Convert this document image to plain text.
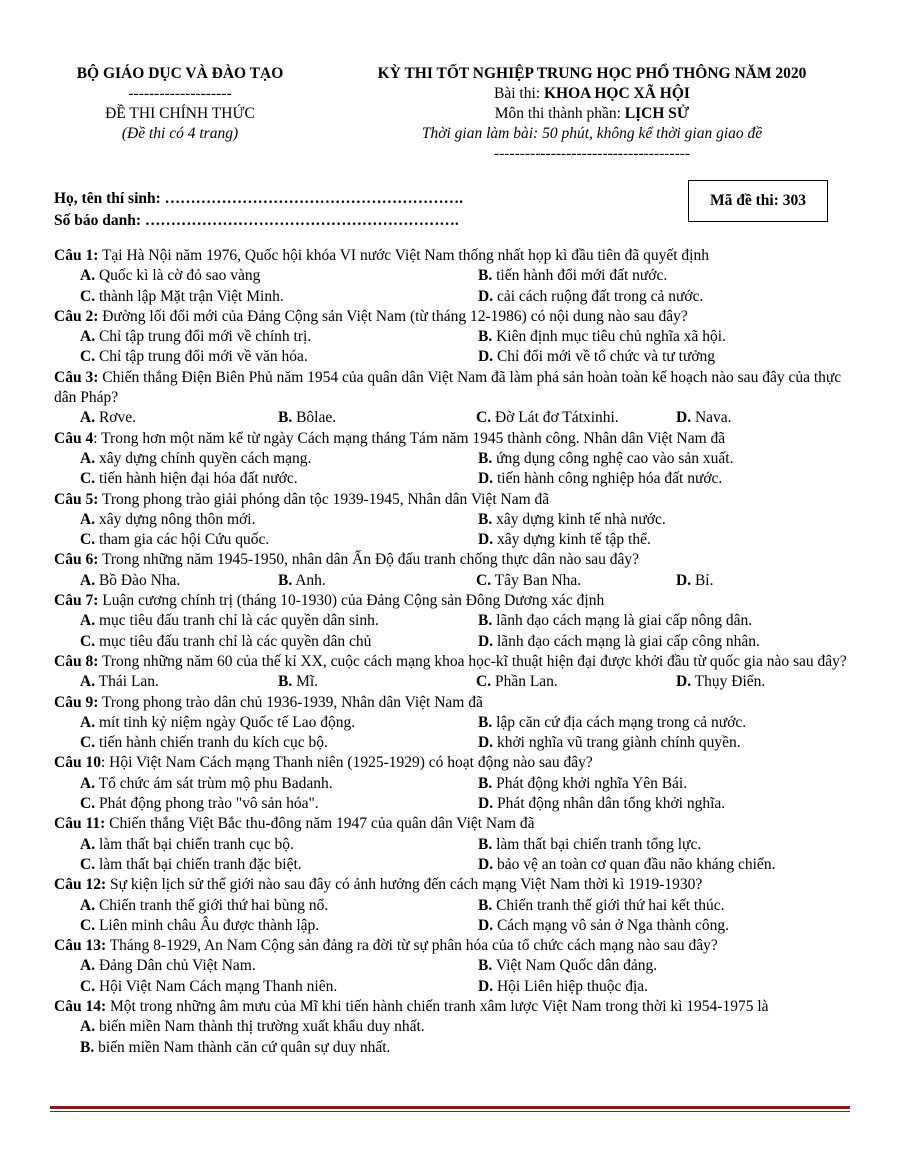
BỘ GIÁO DỤC VÀ ĐÀO TẠO
--------------------
ĐỀ THI CHÍNH THỨC
(Đề thi có 4 trang)
KỲ THI TỐT NGHIỆP TRUNG HỌC PHỔ THÔNG NĂM 2020
Bài thi: KHOA HỌC XÃ HỘI
Môn thi thành phần: LỊCH SỬ
Thời gian làm bài: 50 phút, không kể thời gian giao đề
--------------------------------------
Họ, tên thí sinh: ………………………………………………….
Số báo danh: …………………………………………………….
Mã đề thi: 303
Câu 1: Tại Hà Nội năm 1976, Quốc hội khóa VI nước Việt Nam thống nhất họp kì đầu tiên đã quyết định
A. Quốc kì là cờ đỏ sao vàng	B. tiến hành đổi mới đất nước.
C. thành lập Mặt trận Việt Minh.	D. cải cách ruộng đất trong cả nước.
Câu 2: Đường lối đổi mới của Đảng Cộng sản Việt Nam (từ tháng 12-1986) có nội dung nào sau đây?
A. Chỉ tập trung đổi mới về chính trị.	B. Kiên định mục tiêu chủ nghĩa xã hội.
C. Chỉ tập trung đổi mới về văn hóa.	D. Chỉ đổi mới về tổ chức và tư tưởng
Câu 3: Chiến thắng Điện Biên Phủ năm 1954 của quân dân Việt Nam đã làm phá sản hoàn toàn kế hoạch nào sau đây của thực dân Pháp?
A. Rơve.	B. Bôlae.	C. Đờ Lát đơ Tátxinhi.	D. Nava.
Câu 4: Trong hơn một năm kể từ ngày Cách mạng tháng Tám năm 1945 thành công. Nhân dân Việt Nam đã
A. xây dựng chính quyền cách mạng.	B. ứng dụng công nghệ cao vào sản xuất.
C. tiến hành hiện đại hóa đất nước.	D. tiến hành công nghiệp hóa đất nước.
Câu 5: Trong phong trào giải phóng dân tộc 1939-1945, Nhân dân Việt Nam đã
A. xây dựng nông thôn mới.	B. xây dựng kinh tế nhà nước.
C. tham gia các hội Cứu quốc.	D. xây dựng kinh tế tập thể.
Câu 6: Trong những năm 1945-1950, nhân dân Ấn Độ đấu tranh chống thực dân nào sau đây?
A. Bồ Đào Nha.	B. Anh.	C. Tây Ban Nha.	D. Bỉ.
Câu 7: Luận cương chính trị (tháng 10-1930) của Đảng Cộng sản Đông Dương xác định
A. mục tiêu đấu tranh chỉ là các quyền dân sinh.	B. lãnh đạo cách mạng là giai cấp nông dân.
C. mục tiêu đấu tranh chỉ là các quyền dân chủ	D. lãnh đạo cách mạng là giai cấp công nhân.
Câu 8: Trong những năm 60 của thế kỉ XX, cuộc cách mạng khoa học-kĩ thuật hiện đại được khởi đầu từ quốc gia nào sau đây?
A. Thái Lan.	B. Mĩ.	C. Phần Lan.	D. Thụy Điển.
Câu 9: Trong phong trào dân chủ 1936-1939, Nhân dân Việt Nam đã
A. mít tinh kỷ niệm ngày Quốc tế Lao động.	B. lập căn cứ địa cách mạng trong cả nước.
C. tiến hành chiến tranh du kích cục bộ.	D. khởi nghĩa vũ trang giành chính quyền.
Câu 10: Hội Việt Nam Cách mạng Thanh niên (1925-1929) có hoạt động nào sau đây?
A. Tổ chức ám sát trùm mộ phu Badanh.	B. Phát động khởi nghĩa Yên Bái.
C. Phát động phong trào "vô sản hóa".	D. Phát động nhân dân tổng khởi nghĩa.
Câu 11: Chiến thắng Việt Bắc thu-đông năm 1947 của quân dân Việt Nam đã
A. làm thất bại chiến tranh cục bộ.	B. làm thất bại chiến tranh tổng lực.
C. làm thất bại chiến tranh đặc biệt.	D. bảo vệ an toàn cơ quan đầu não kháng chiến.
Câu 12: Sự kiện lịch sử thế giới nào sau đây có ảnh hưởng đến cách mạng Việt Nam thời kì 1919-1930?
A. Chiến tranh thế giới thứ hai bùng nổ.	B. Chiến tranh thế giới thứ hai kết thúc.
C. Liên minh châu Âu được thành lập.	D. Cách mạng vô sản ở Nga thành công.
Câu 13: Tháng 8-1929, An Nam Cộng sản đảng ra đời từ sự phân hóa của tổ chức cách mạng nào sau đây?
A. Đảng Dân chủ Việt Nam.	B. Việt Nam Quốc dân đảng.
C. Hội Việt Nam Cách mạng Thanh niên.	D. Hội Liên hiệp thuộc địa.
Câu 14: Một trong những âm mưu của Mĩ khi tiến hành chiến tranh xâm lược Việt Nam trong thời kì 1954-1975 là
A. biến miền Nam thành thị trường xuất khẩu duy nhất.
B. biến miền Nam thành căn cứ quân sự duy nhất.
